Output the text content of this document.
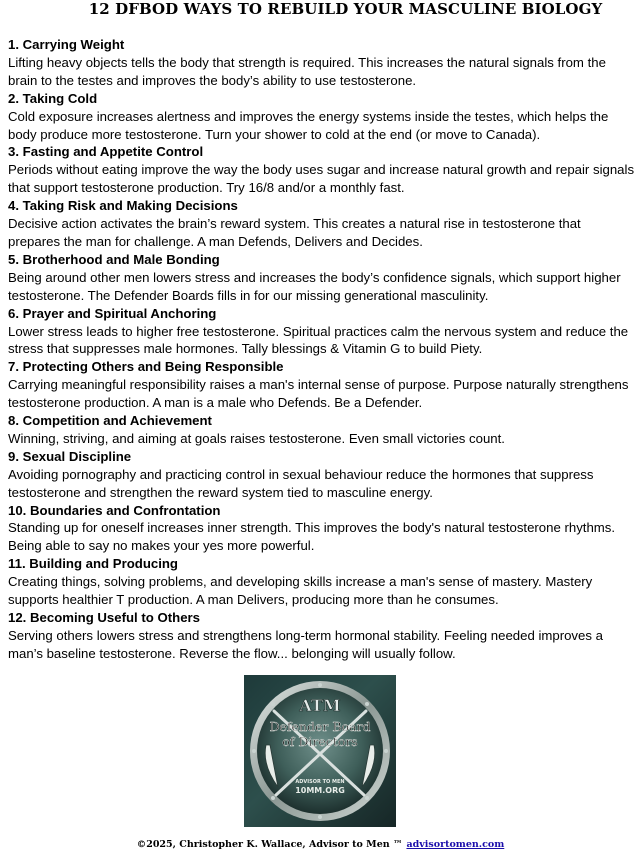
12 DFBOD WAYS TO REBUILD YOUR MASCULINE BIOLOGY
1. Carrying Weight
Lifting heavy objects tells the body that strength is required. This increases the natural signals from the brain to the testes and improves the body’s ability to use testosterone.
2. Taking Cold
Cold exposure increases alertness and improves the energy systems inside the testes, which helps the body produce more testosterone. Turn your shower to cold at the end (or move to Canada).
3. Fasting and Appetite Control
Periods without eating improve the way the body uses sugar and increase natural growth and repair signals that support testosterone production. Try 16/8 and/or a monthly fast.
4. Taking Risk and Making Decisions
Decisive action activates the brain’s reward system. This creates a natural rise in testosterone that prepares the man for challenge. A man Defends, Delivers and Decides.
5. Brotherhood and Male Bonding
Being around other men lowers stress and increases the body’s confidence signals, which support higher testosterone. The Defender Boards fills in for our missing generational masculinity.
6. Prayer and Spiritual Anchoring
Lower stress leads to higher free testosterone. Spiritual practices calm the nervous system and reduce the stress that suppresses male hormones. Tally blessings & Vitamin G to build Piety.
7. Protecting Others and Being Responsible
Carrying meaningful responsibility raises a man's internal sense of purpose. Purpose naturally strengthens testosterone production. A man is a male who Defends. Be a Defender.
8. Competition and Achievement
Winning, striving, and aiming at goals raises testosterone. Even small victories count.
9. Sexual Discipline
Avoiding pornography and practicing control in sexual behaviour reduce the hormones that suppress testosterone and strengthen the reward system tied to masculine energy.
10. Boundaries and Confrontation
Standing up for oneself increases inner strength. This improves the body's natural testosterone rhythms. Being able to say no makes your yes more powerful.
11. Building and Producing
Creating things, solving problems, and developing skills increase a man's sense of mastery. Mastery supports healthier T production. A man Delivers, producing more than he consumes.
12. Becoming Useful to Others
Serving others lowers stress and strengthens long-term hormonal stability. Feeling needed improves a man’s baseline testosterone. Reverse the flow... belonging will usually follow.
ATM
Defender Board
of Directors
ADVISOR TO MEN
10MM.ORG
©2025, Christopher K. Wallace, Advisor to Men ™ advisortomen.com
